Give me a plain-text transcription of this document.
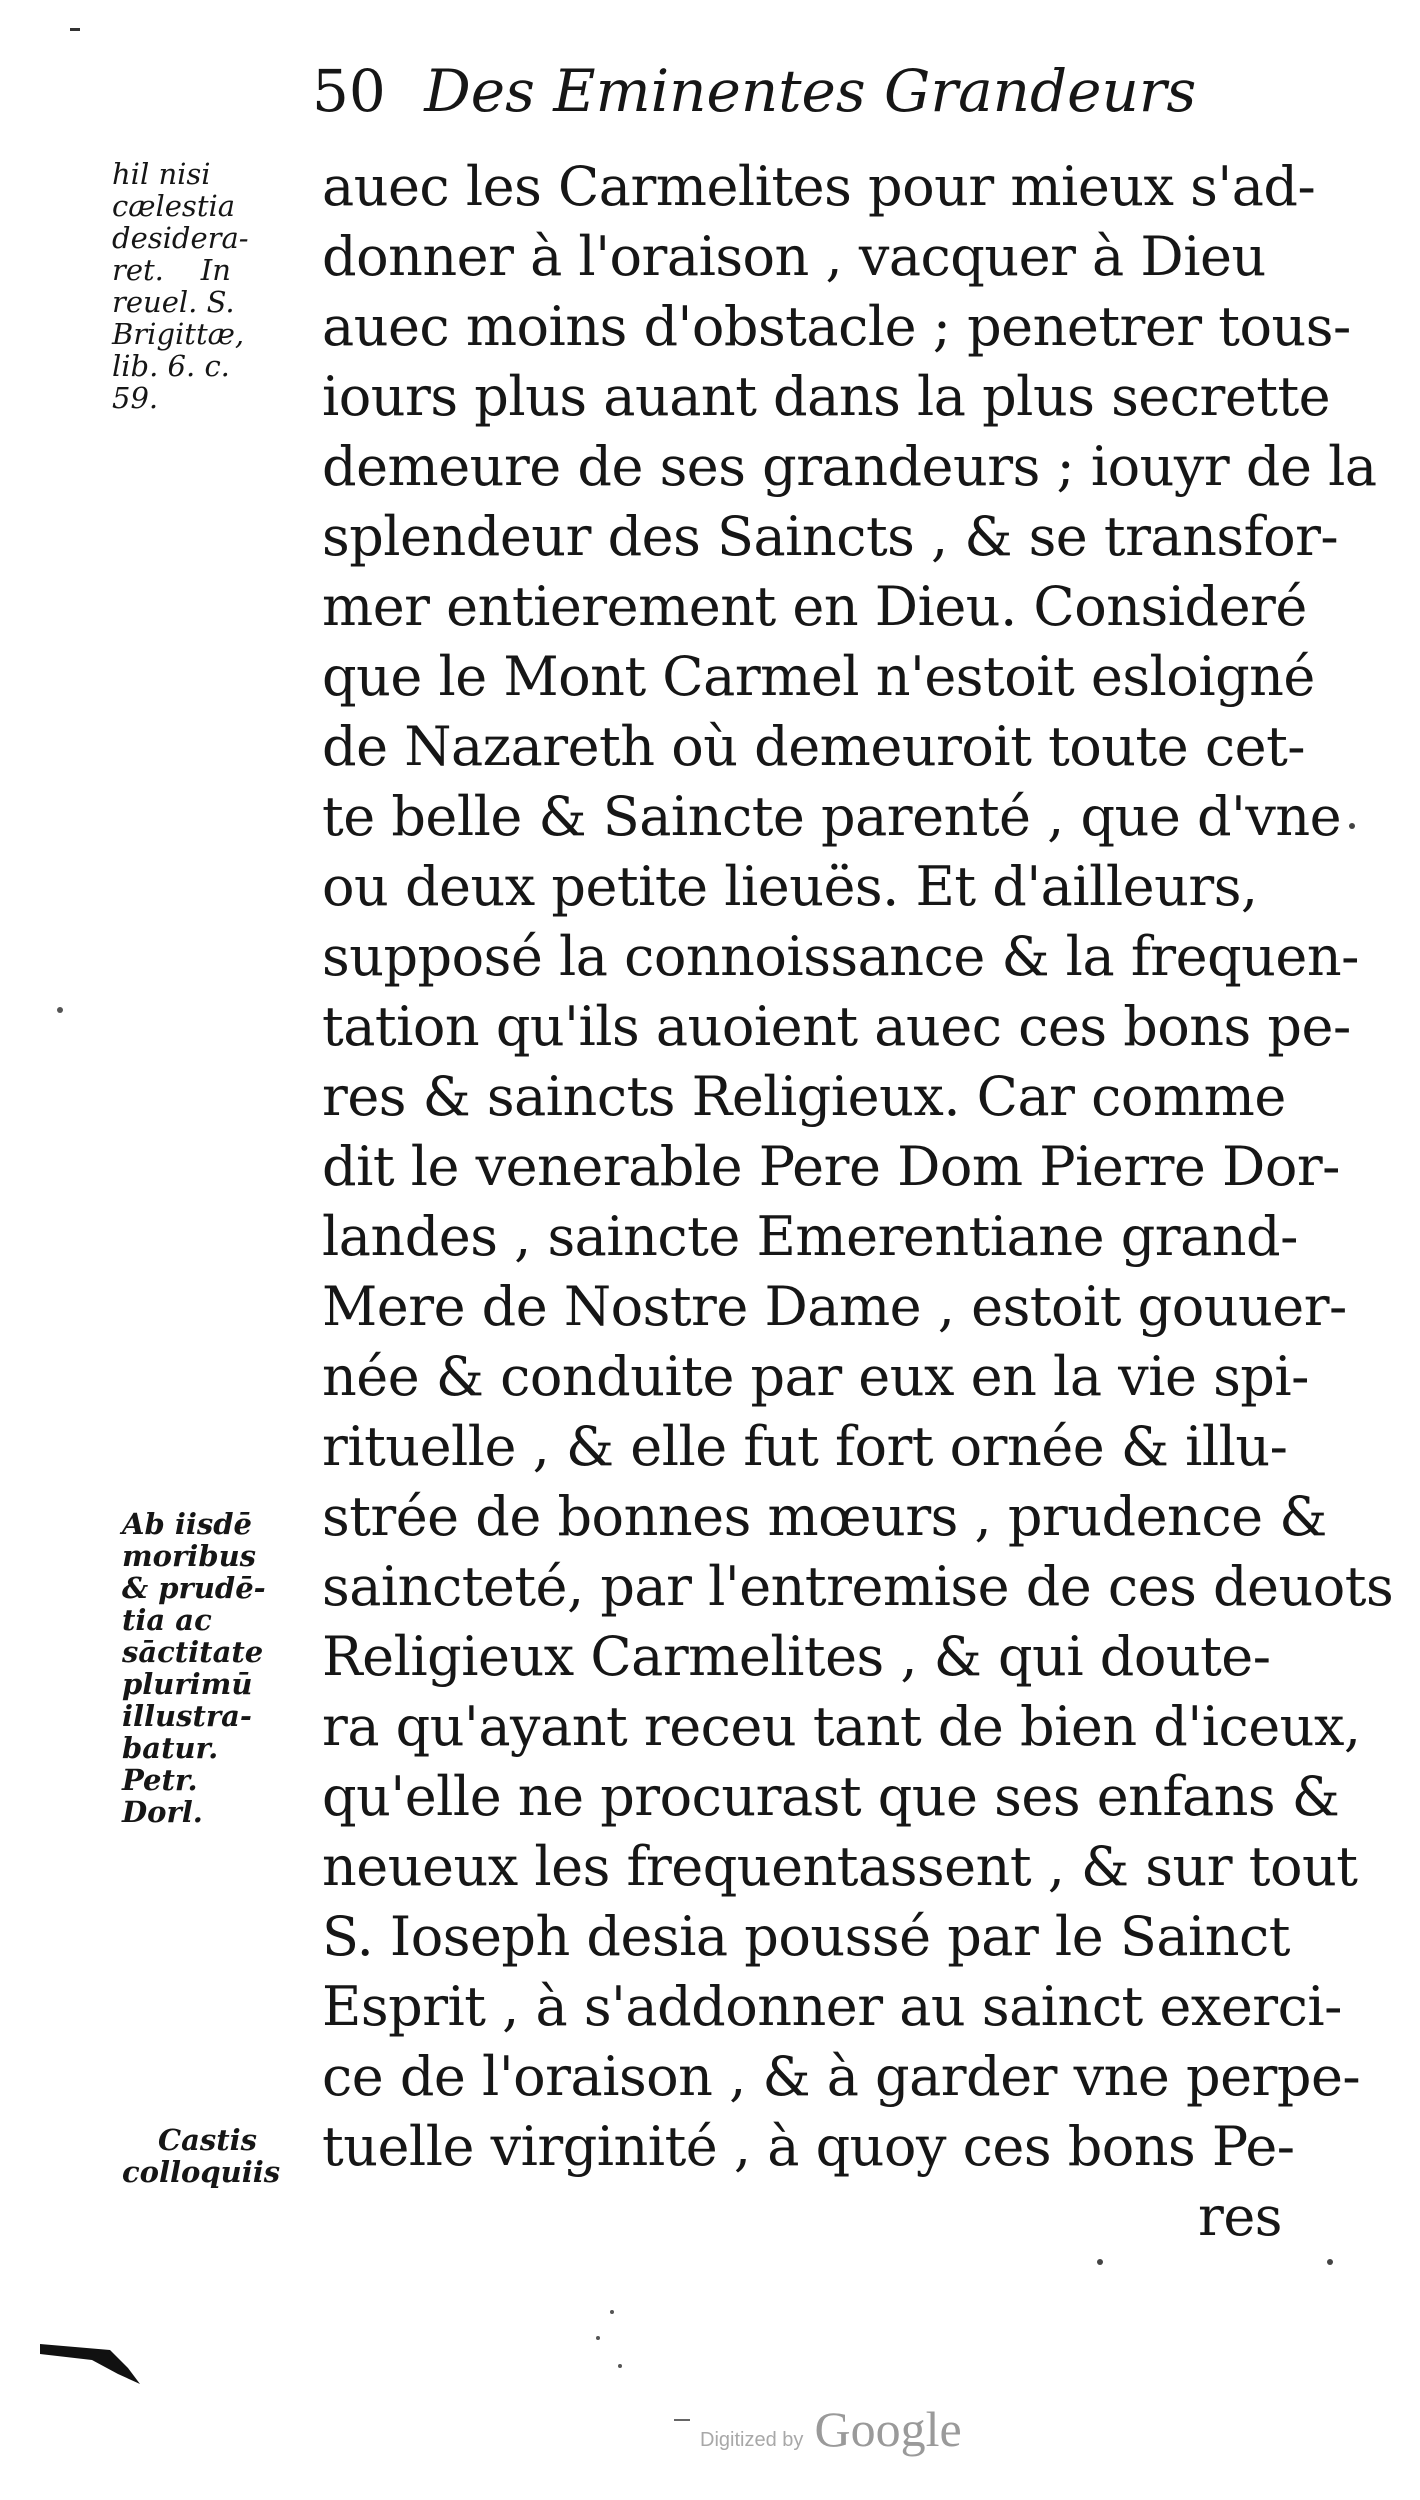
50 Des Eminentes Grandeurs
hil nisi
cælestia
desidera-
ret.    In
reuel. S.
Brigittæ,
lib. 6. c.
59.
Ab iisdē
moribus
& prudē-
tia ac
sāctitate
plurimū
illustra-
batur.
Petr.
Dorl.
Castis
colloquiis
auec les Carmelites pour mieux s'ad-
donner à l'oraison , vacquer à Dieu
auec moins d'obstacle ; penetrer tous-
iours plus auant dans la plus secrette
demeure de ses grandeurs ; iouyr de la
splendeur des Saincts , & se transfor-
mer entierement en Dieu. Consideré
que le Mont Carmel n'estoit esloigné
de Nazareth où demeuroit toute cet-
te belle & Saincte parenté , que d'vne
ou deux petite lieuës. Et d'ailleurs,
supposé la connoissance & la frequen-
tation qu'ils auoient auec ces bons pe-
res & saincts Religieux. Car comme
dit le venerable Pere Dom Pierre Dor-
landes , saincte Emerentiane grand-
Mere de Nostre Dame , estoit gouuer-
née & conduite par eux en la vie spi-
rituelle , & elle fut fort ornée & illu-
strée de bonnes mœurs , prudence &
saincteté, par l'entremise de ces deuots
Religieux Carmelites , & qui doute-
ra qu'ayant receu tant de bien d'iceux,
qu'elle ne procurast que ses enfans &
neueux les frequentassent , & sur tout
S. Ioseph desia poussé par le Sainct
Esprit , à s'addonner au sainct exerci-
ce de l'oraison , & à garder vne perpe-
tuelle virginité , à quoy ces bons Pe-
res
Digitized by Google
